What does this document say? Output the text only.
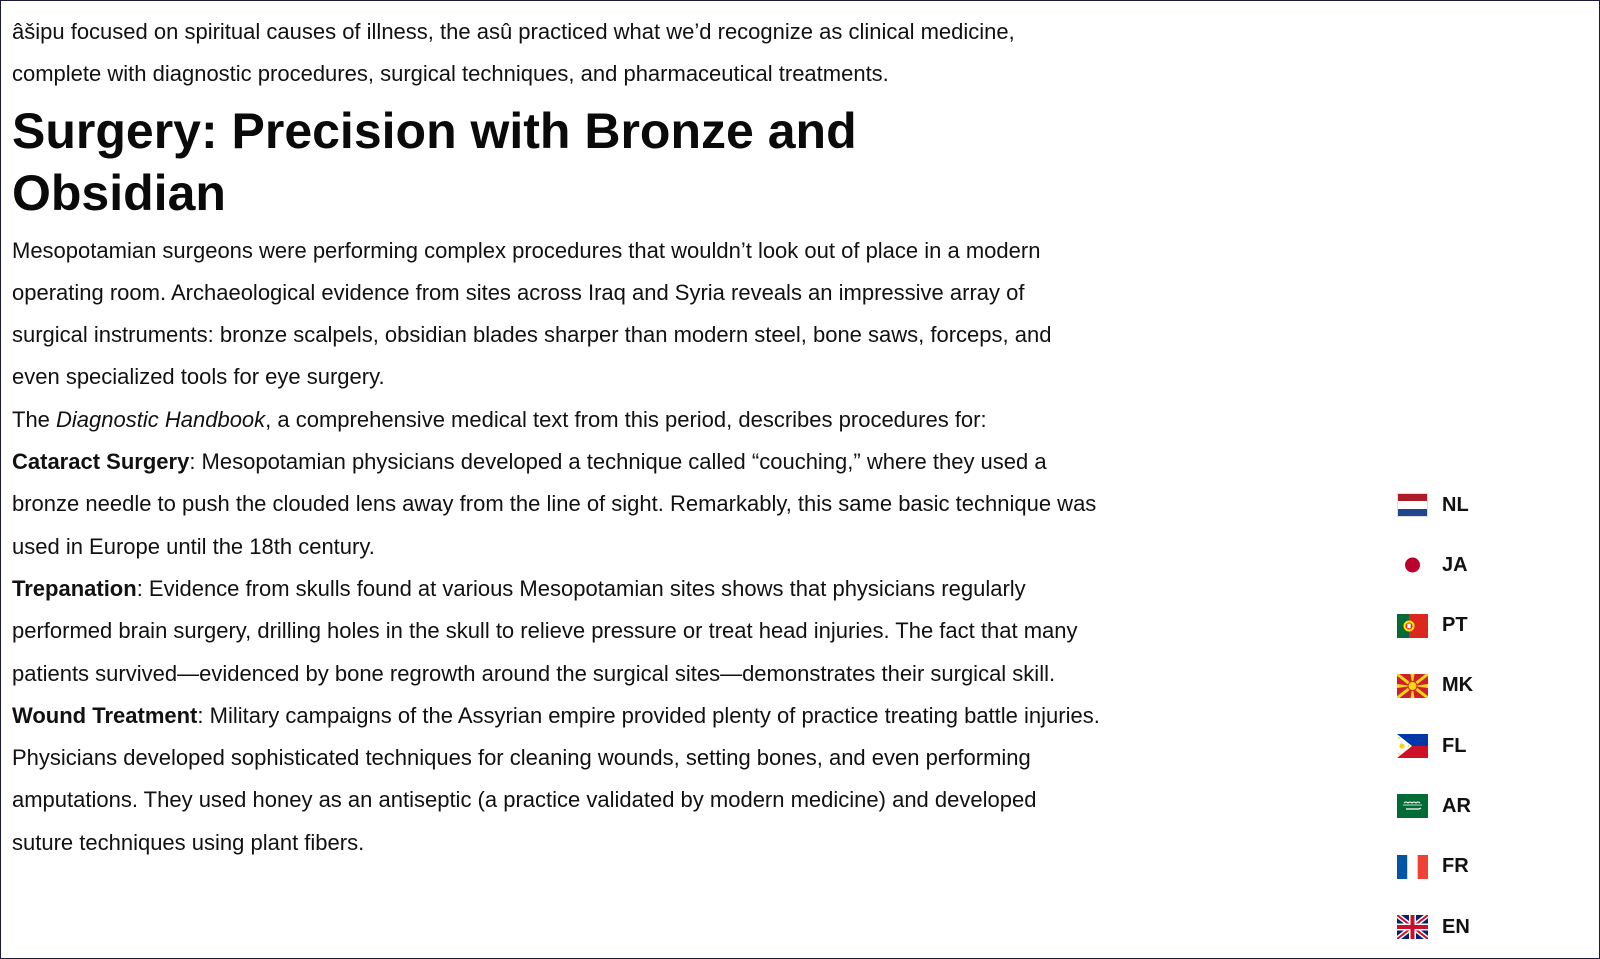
âšipu focused on spiritual causes of illness, the asû practiced what we’d recognize as clinical medicine, complete with diagnostic procedures, surgical techniques, and pharmaceutical treatments.

Surgery: Precision with Bronze and Obsidian

Mesopotamian surgeons were performing complex procedures that wouldn’t look out of place in a modern operating room. Archaeological evidence from sites across Iraq and Syria reveals an impressive array of surgical instruments: bronze scalpels, obsidian blades sharper than modern steel, bone saws, forceps, and even specialized tools for eye surgery.

The Diagnostic Handbook, a comprehensive medical text from this period, describes procedures for:

Cataract Surgery: Mesopotamian physicians developed a technique called “couching,” where they used a bronze needle to push the clouded lens away from the line of sight. Remarkably, this same basic technique was used in Europe until the 18th century.

Trepanation: Evidence from skulls found at various Mesopotamian sites shows that physicians regularly performed brain surgery, drilling holes in the skull to relieve pressure or treat head injuries. The fact that many patients survived—evidenced by bone regrowth around the surgical sites—demonstrates their surgical skill.

Wound Treatment: Military campaigns of the Assyrian empire provided plenty of practice treating battle injuries. Physicians developed sophisticated techniques for cleaning wounds, setting bones, and even performing amputations. They used honey as an antiseptic (a practice validated by modern medicine) and developed suture techniques using plant fibers.

NL
JA
PT
MK
FL
AR
FR
EN
